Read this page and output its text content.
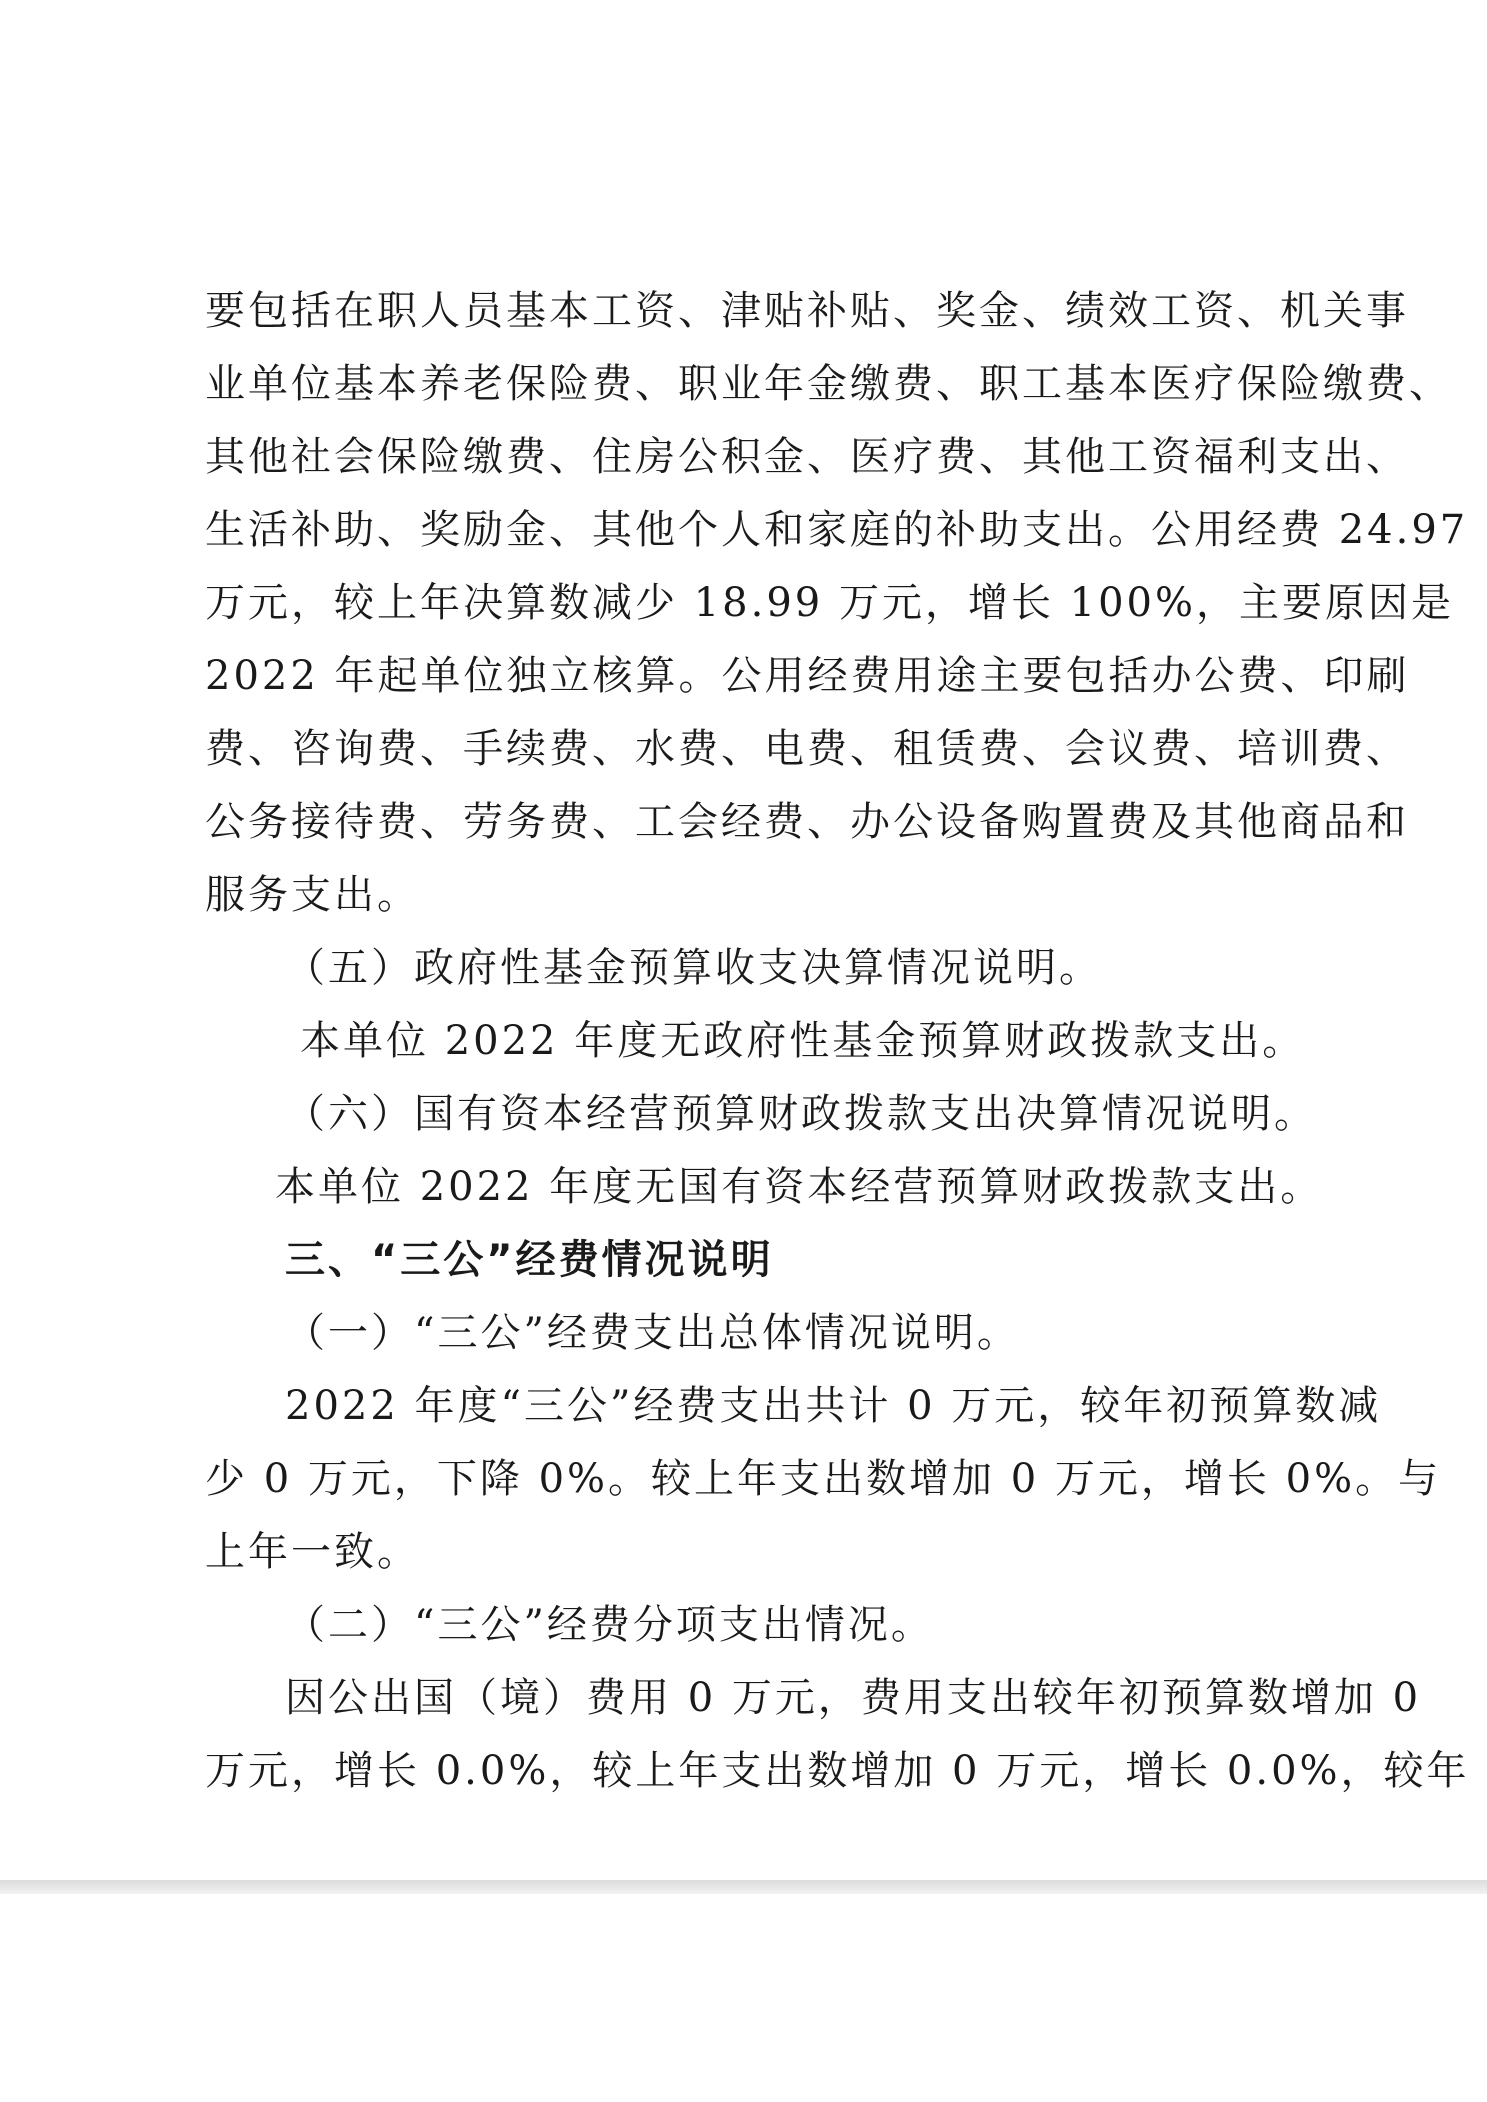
要包括在职人员基本工资、津贴补贴、奖金、绩效工资、机关事
业单位基本养老保险费、职业年金缴费、职工基本医疗保险缴费、
其他社会保险缴费、住房公积金、医疗费、其他工资福利支出、
生活补助、奖励金、其他个人和家庭的补助支出。公用经费 24.97
万元，较上年决算数减少 18.99 万元，增长 100%，主要原因是
2022 年起单位独立核算。公用经费用途主要包括办公费、印刷
费、咨询费、手续费、水费、电费、租赁费、会议费、培训费、
公务接待费、劳务费、工会经费、办公设备购置费及其他商品和
服务支出。
（五）政府性基金预算收支决算情况说明。
本单位 2022 年度无政府性基金预算财政拨款支出。
（六）国有资本经营预算财政拨款支出决算情况说明。
本单位 2022 年度无国有资本经营预算财政拨款支出。
三、“三公”经费情况说明
（一）“三公”经费支出总体情况说明。
2022 年度“三公”经费支出共计 0 万元，较年初预算数减
少 0 万元，下降 0%。较上年支出数增加 0 万元，增长 0%。与
上年一致。
（二）“三公”经费分项支出情况。
因公出国（境）费用 0 万元，费用支出较年初预算数增加 0
万元，增长 0.0%，较上年支出数增加 0 万元，增长 0.0%，较年
